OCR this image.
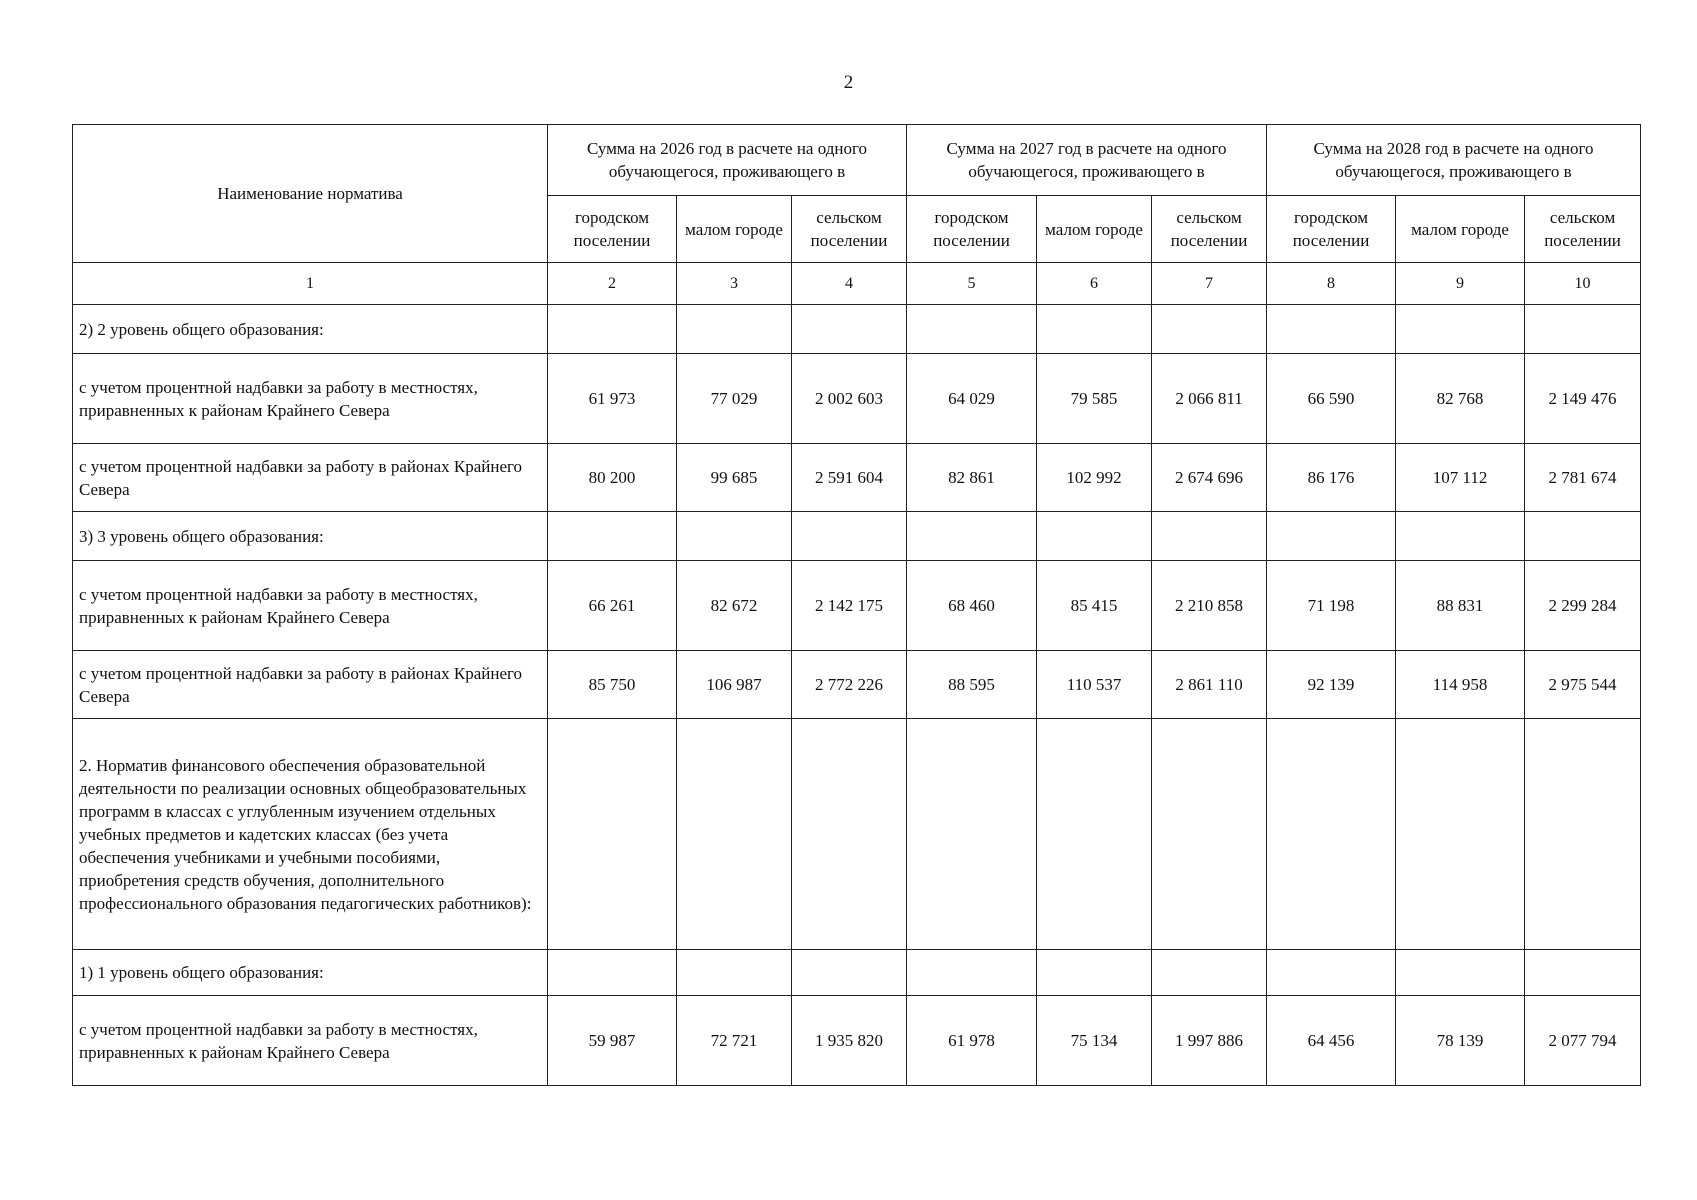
2
Наименование норматива	Сумма на 2026 год в расчете на одного обучающегося, проживающего в			Сумма на 2027 год в расчете на одного обучающегося, проживающего в			Сумма на 2028 год в расчете на одного обучающегося, проживающего в		
	городском поселении	малом городе	сельском поселении	городском поселении	малом городе	сельском поселении	городском поселении	малом городе	сельском поселении
1	2	3	4	5	6	7	8	9	10
2) 2 уровень общего образования:									
с учетом процентной надбавки за работу в местностях, приравненных к районам Крайнего Севера	61 973	77 029	2 002 603	64 029	79 585	2 066 811	66 590	82 768	2 149 476
с учетом процентной надбавки за работу в районах Крайнего Севера	80 200	99 685	2 591 604	82 861	102 992	2 674 696	86 176	107 112	2 781 674
3) 3 уровень общего образования:									
с учетом процентной надбавки за работу в местностях, приравненных к районам Крайнего Севера	66 261	82 672	2 142 175	68 460	85 415	2 210 858	71 198	88 831	2 299 284
с учетом процентной надбавки за работу в районах Крайнего Севера	85 750	106 987	2 772 226	88 595	110 537	2 861 110	92 139	114 958	2 975 544
2. Норматив финансового обеспечения образовательной деятельности по реализации основных общеобразовательных программ в классах с углубленным изучением отдельных учебных предметов и кадетских классах (без учета обеспечения учебниками и учебными пособиями, приобретения средств обучения, дополнительного профессионального образования педагогических работников):									
1) 1 уровень общего образования:									
с учетом процентной надбавки за работу в местностях, приравненных к районам Крайнего Севера	59 987	72 721	1 935 820	61 978	75 134	1 997 886	64 456	78 139	2 077 794
